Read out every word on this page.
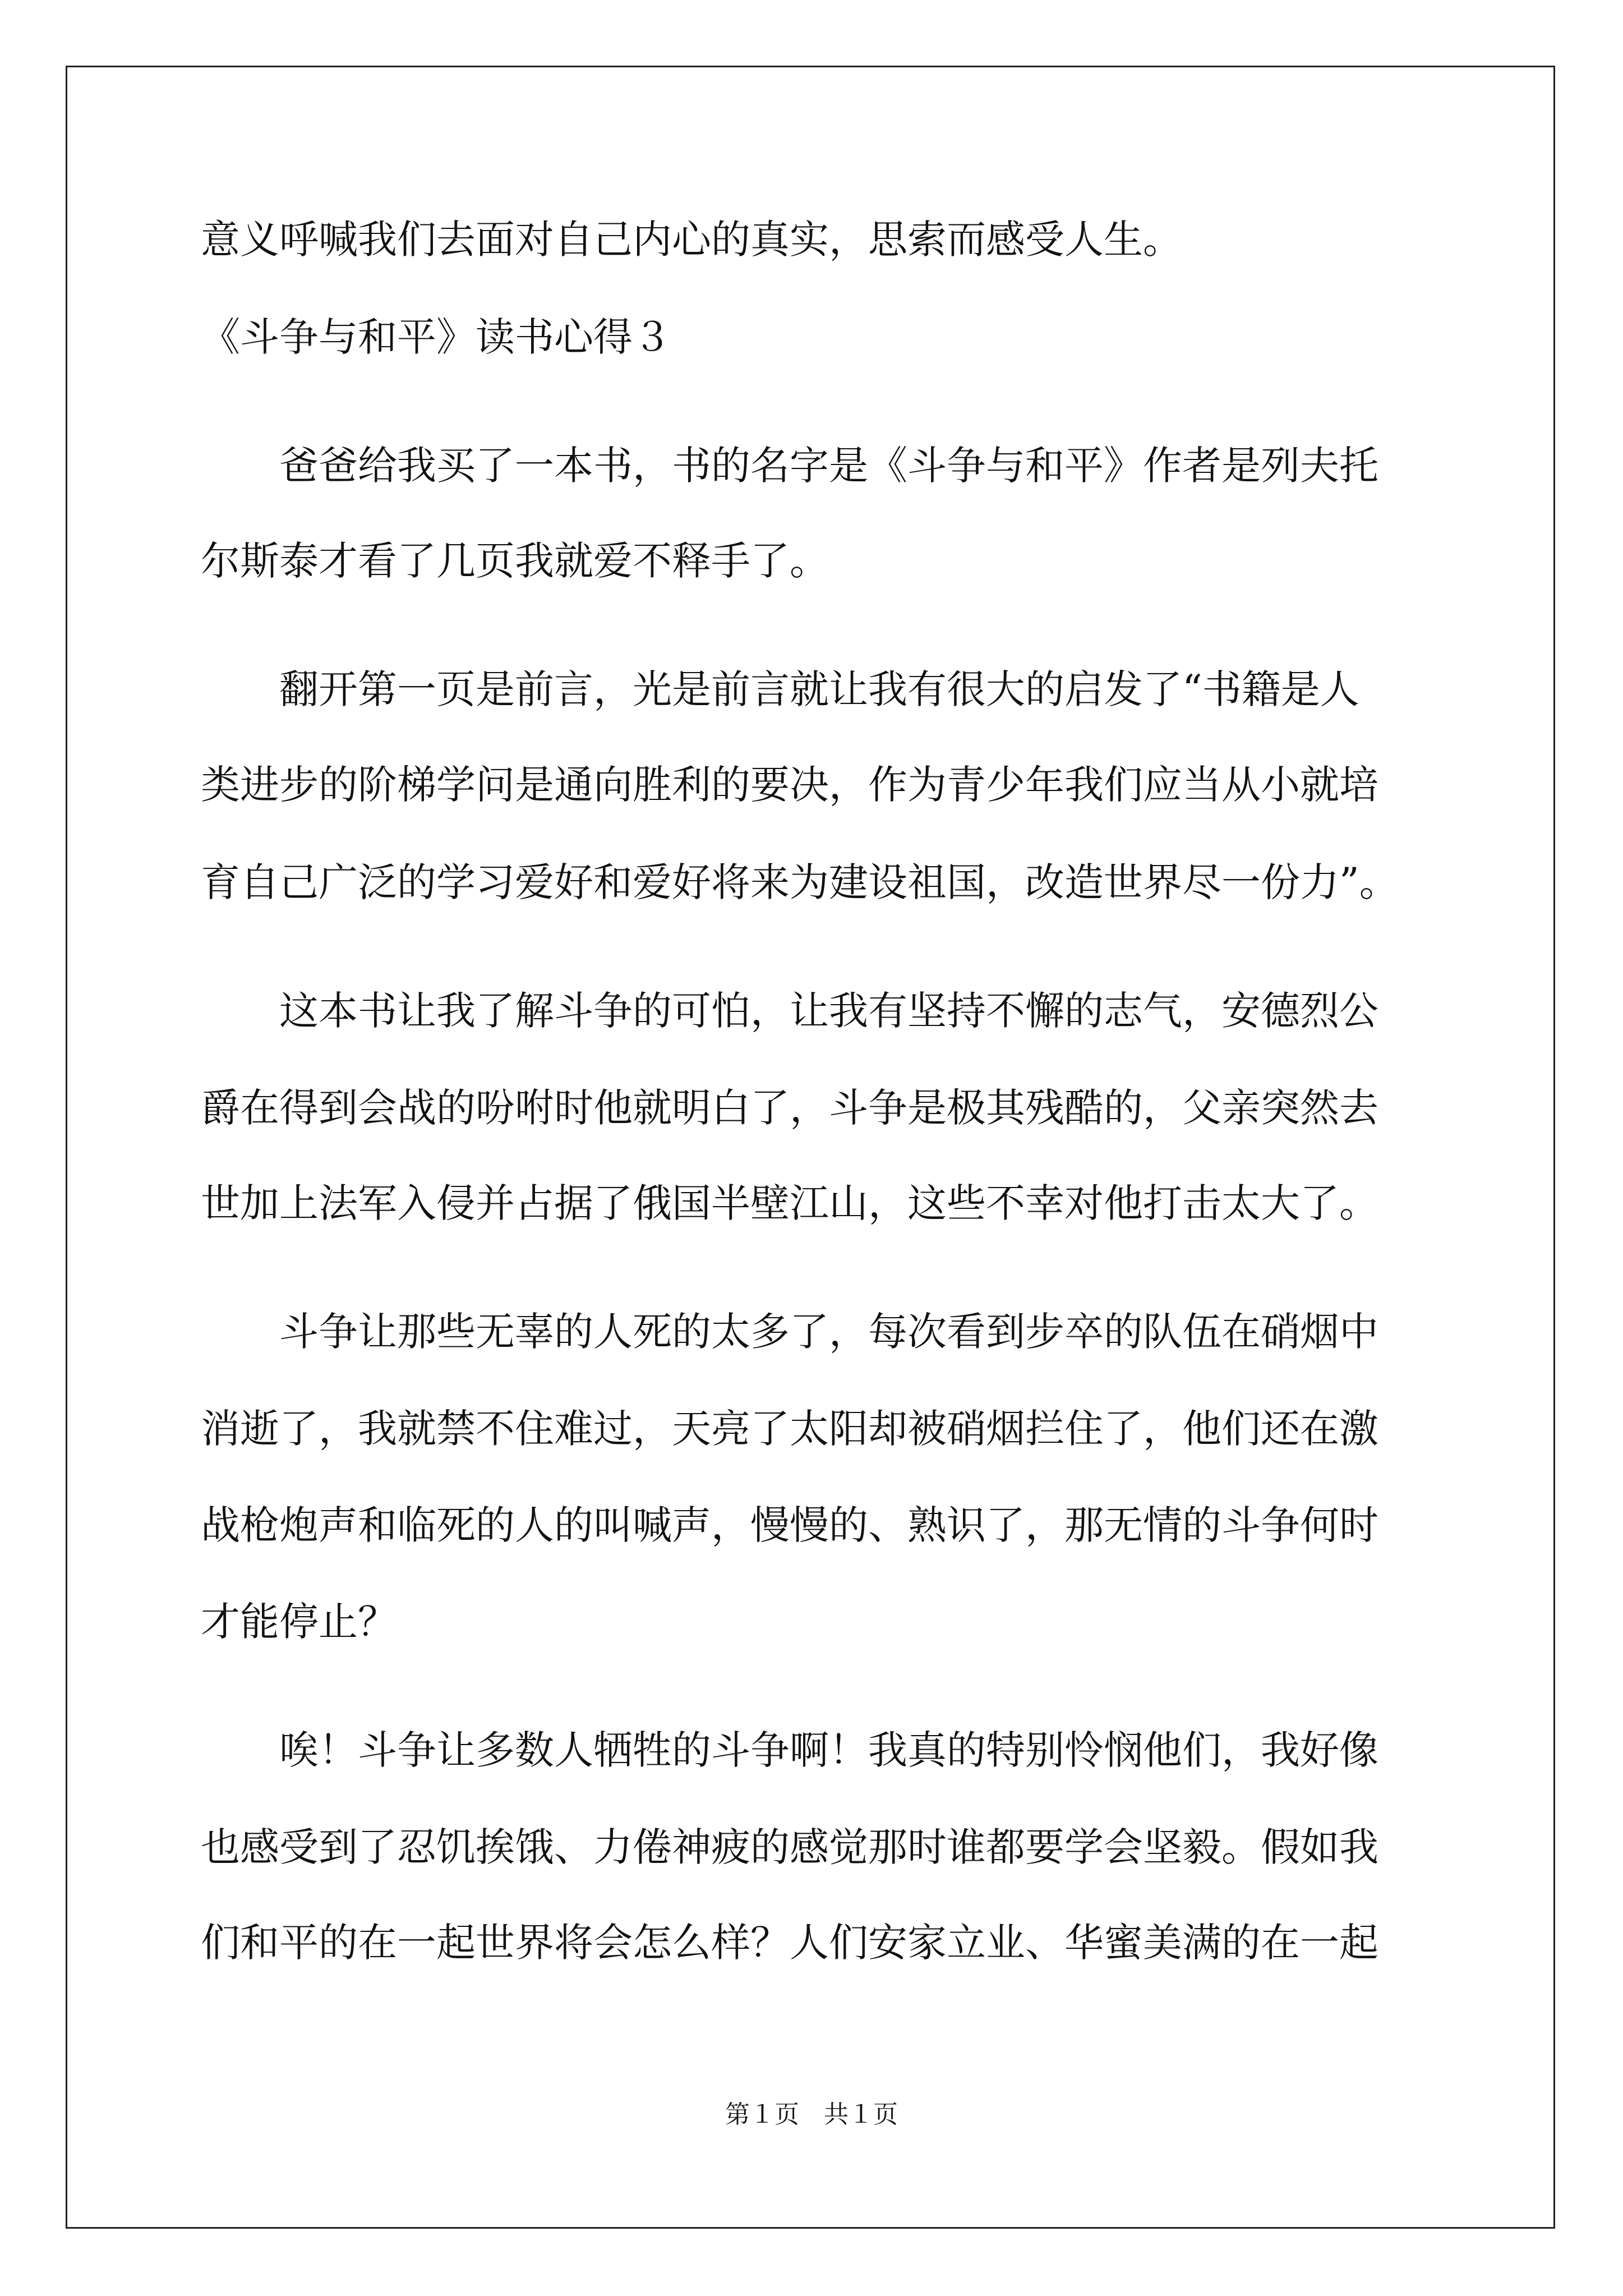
意义呼喊我们去面对自己内心的真实，思索而感受人生。
《斗争与和平》读书心得３
　　爸爸给我买了一本书，书的名字是《斗争与和平》作者是列夫托
尔斯泰才看了几页我就爱不释手了。
　　翻开第一页是前言，光是前言就让我有很大的启发了“书籍是人
类进步的阶梯学问是通向胜利的要决，作为青少年我们应当从小就培
育自己广泛的学习爱好和爱好将来为建设祖国，改造世界尽一份力”。
　　这本书让我了解斗争的可怕，让我有坚持不懈的志气，安德烈公
爵在得到会战的吩咐时他就明白了，斗争是极其残酷的，父亲突然去
世加上法军入侵并占据了俄国半壁江山，这些不幸对他打击太大了。
　　斗争让那些无辜的人死的太多了，每次看到步卒的队伍在硝烟中
消逝了，我就禁不住难过，天亮了太阳却被硝烟拦住了，他们还在激
战枪炮声和临死的人的叫喊声，慢慢的、熟识了，那无情的斗争何时
才能停止？
　　唉！斗争让多数人牺牲的斗争啊！我真的特别怜悯他们，我好像
也感受到了忍饥挨饿、力倦神疲的感觉那时谁都要学会坚毅。假如我
们和平的在一起世界将会怎么样？人们安家立业、华蜜美满的在一起
第１页　共１页
